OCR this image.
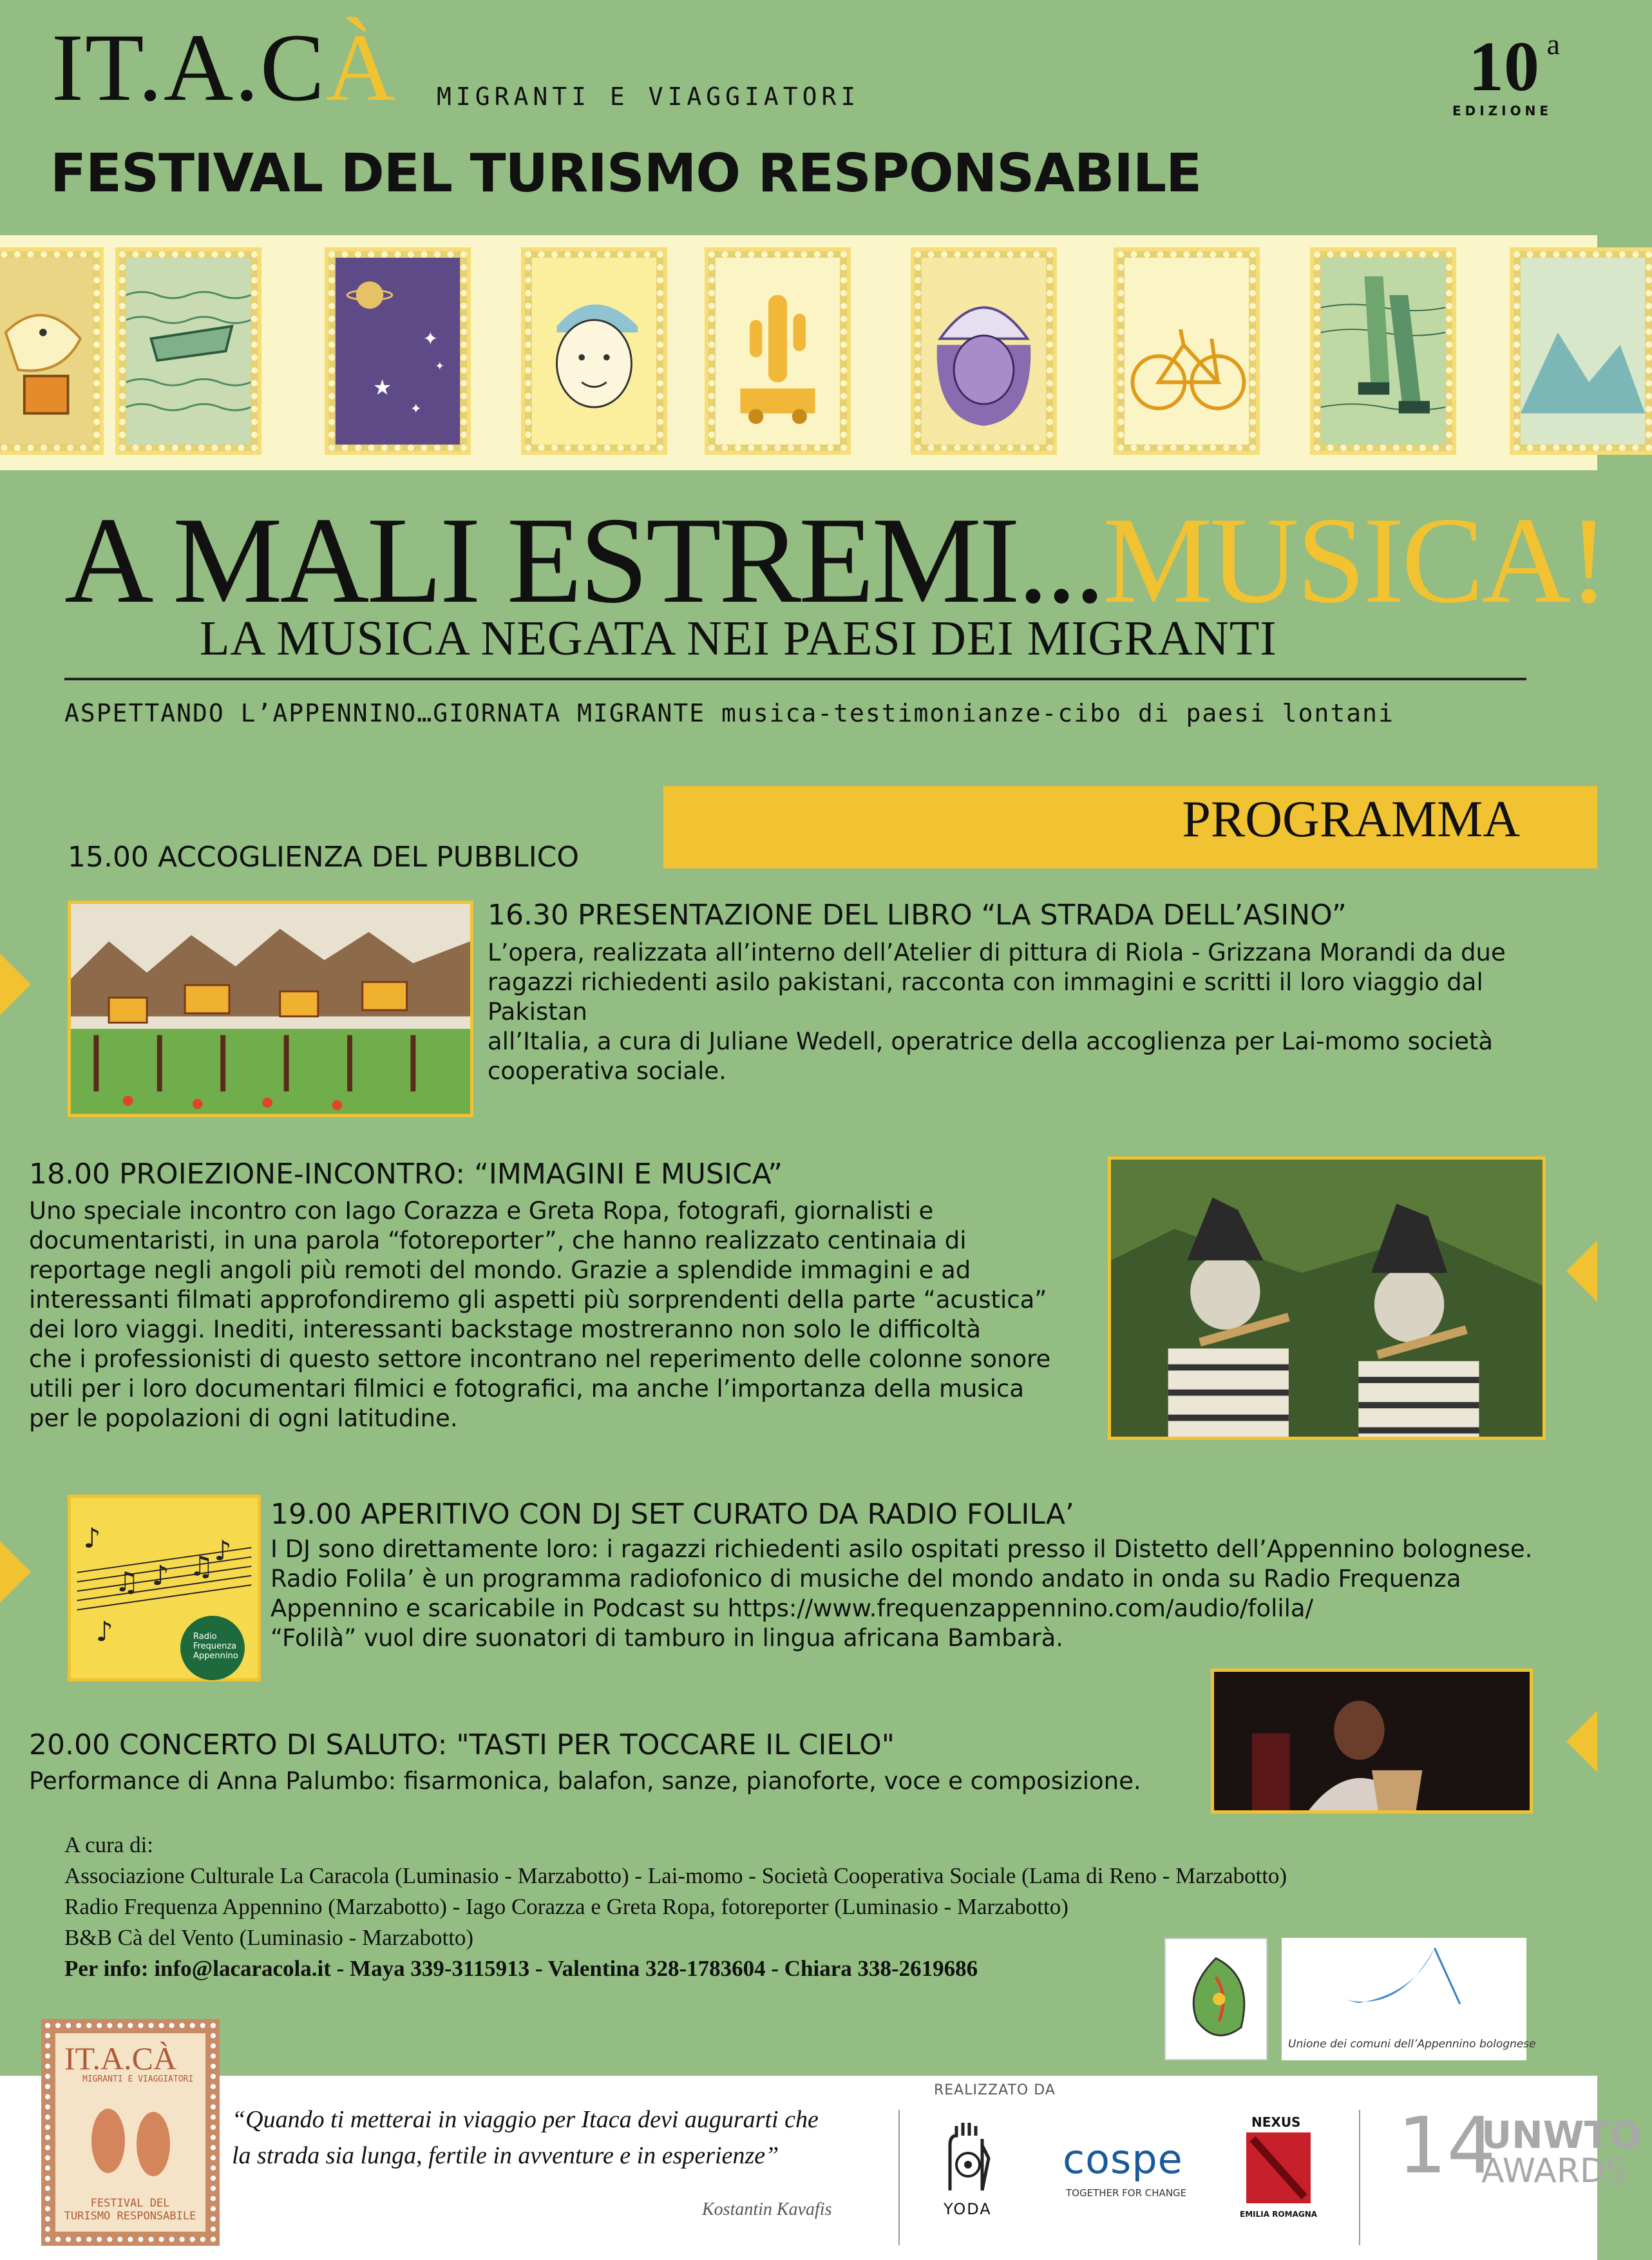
IT.A.CÀ MIGRANTI E VIAGGIATORI
FESTIVAL DEL TURISMO RESPONSABILE
10 a
EDIZIONE
✦
★
✦
✦
A MALI ESTREMI...MUSICA!
LA MUSICA NEGATA NEI PAESI DEI MIGRANTI
ASPETTANDO L’APPENNINO…GIORNATA MIGRANTE musica-testimonianze-cibo di paesi lontani
PROGRAMMA
15.00 ACCOGLIENZA DEL PUBBLICO
16.30 PRESENTAZIONE DEL LIBRO “LA STRADA DELL’ASINO”
L’opera, realizzata all’interno dell’Atelier di pittura di Riola - Grizzana Morandi da due
ragazzi richiedenti asilo pakistani, racconta con immagini e scritti il loro viaggio dal Pakistan
all’Italia, a cura di Juliane Wedell, operatrice della accoglienza per Lai-momo società
cooperativa sociale.
18.00 PROIEZIONE-INCONTRO: “IMMAGINI E MUSICA”
Uno speciale incontro con Iago Corazza e Greta Ropa, fotografi, giornalisti e
documentaristi, in una parola “fotoreporter”, che hanno realizzato centinaia di
reportage negli angoli più remoti del mondo. Grazie a splendide immagini e ad
interessanti filmati approfondiremo gli aspetti più sorprendenti della parte “acustica”
dei loro viaggi. Inediti, interessanti backstage mostreranno non solo le difficoltà
che i professionisti di questo settore incontrano nel reperimento delle colonne sonore
utili per i loro documentari filmici e fotografici, ma anche l’importanza della musica
per le popolazioni di ogni latitudine.
♪
♫ ♪ ♫
♪
♪
Radio
Frequenza
Appennino
19.00 APERITIVO CON DJ SET CURATO DA RADIO FOLILA’
I DJ sono direttamente loro: i ragazzi richiedenti asilo ospitati presso il Distetto dell’Appennino bolognese.
Radio Folila’ è un programma radiofonico di musiche del mondo andato in onda su Radio Frequenza
Appennino e scaricabile in Podcast su https://www.frequenzappennino.com/audio/folila/
“Folilà” vuol dire suonatori di tamburo in lingua africana Bambarà.
20.00 CONCERTO DI SALUTO: "TASTI PER TOCCARE IL CIELO"
Performance di Anna Palumbo: fisarmonica, balafon, sanze, pianoforte, voce e composizione.
A cura di:
Associazione Culturale La Caracola (Luminasio - Marzabotto) - Lai-momo - Società Cooperativa Sociale (Lama di Reno - Marzabotto)
Radio Frequenza Appennino (Marzabotto) - Iago Corazza e Greta Ropa, fotoreporter (Luminasio - Marzabotto)
B&B Cà del Vento (Luminasio - Marzabotto)
Per info: info@lacaracola.it - Maya 339-3115913 - Valentina 328-1783604 - Chiara 338-2619686
Unione dei comuni dell’Appennino bolognese
IT.A.CÀ
MIGRANTI E VIAGGIATORI
FESTIVAL DEL
TURISMO RESPONSABILE
“Quando ti metterai in viaggio per Itaca devi augurarti che
la strada sia lunga, fertile in avventure e in esperienze”
Kostantin Kavafis
REALIZZATO DA
YODA
cospe
TOGETHER FOR CHANGE
NEXUS
EMILIA ROMAGNA
14
UNWTO
AWARDS
